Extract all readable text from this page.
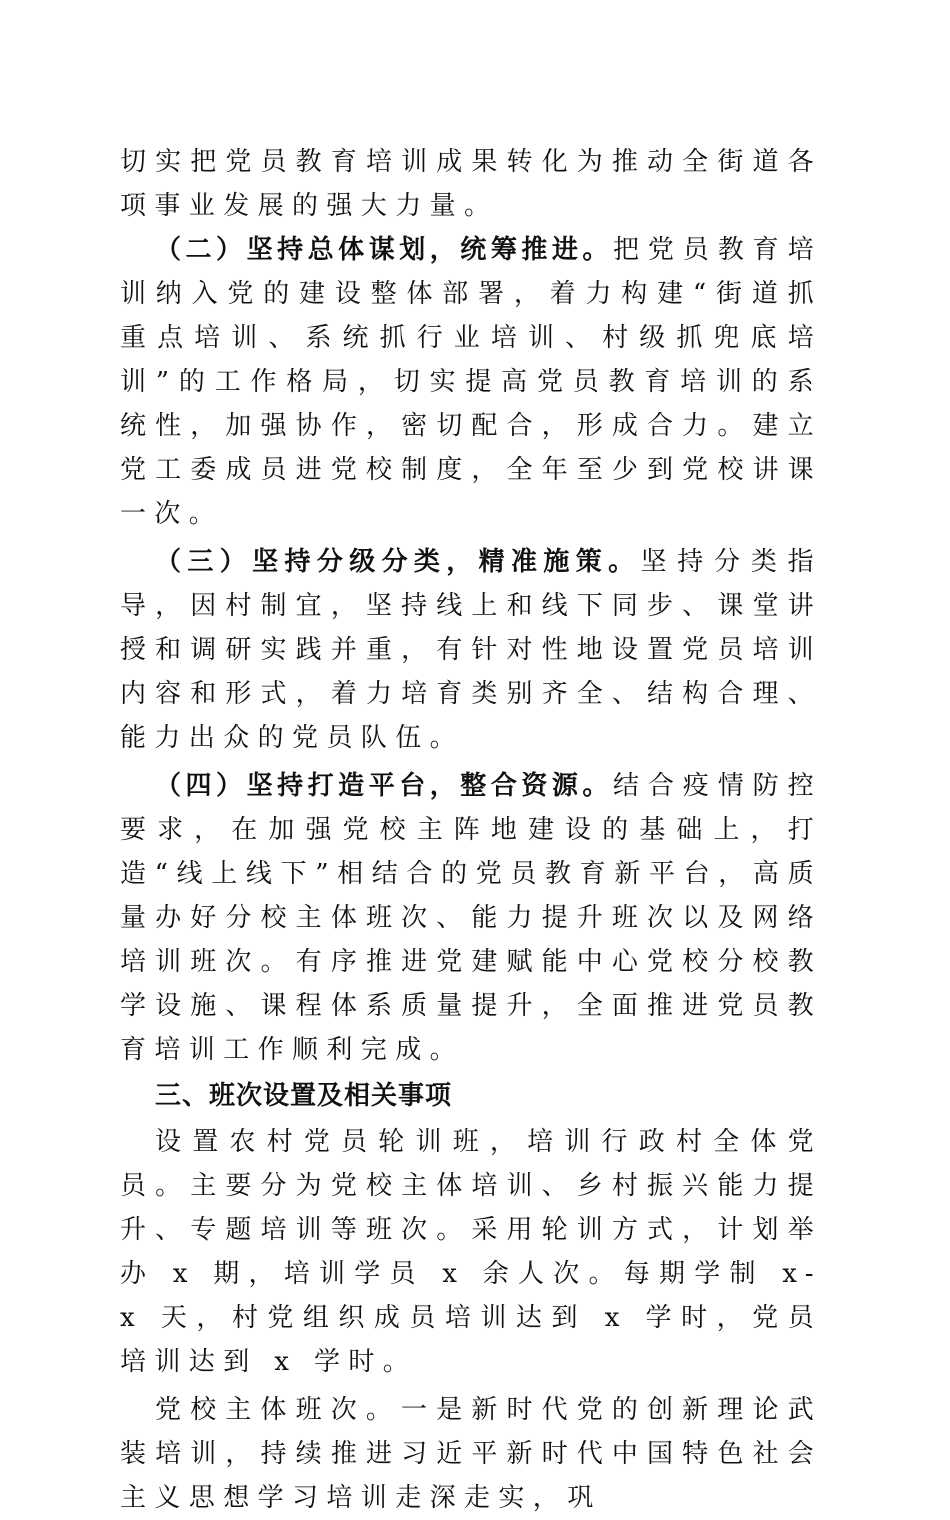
切实把党员教育培训成果转化为推动全街道各项事业发展的强大力量。

（二）坚持总体谋划，统筹推进。把党员教育培训纳入党的建设整体部署，着力构建“街道抓重点培训、系统抓行业培训、村级抓兜底培训”的工作格局，切实提高党员教育培训的系统性，加强协作，密切配合，形成合力。建立党工委成员进党校制度，全年至少到党校讲课一次。

（三）坚持分级分类，精准施策。坚持分类指导，因村制宜，坚持线上和线下同步、课堂讲授和调研实践并重，有针对性地设置党员培训内容和形式，着力培育类别齐全、结构合理、能力出众的党员队伍。

（四）坚持打造平台，整合资源。结合疫情防控要求，在加强党校主阵地建设的基础上，打造“线上线下”相结合的党员教育新平台，高质量办好分校主体班次、能力提升班次以及网络培训班次。有序推进党建赋能中心党校分校教学设施、课程体系质量提升，全面推进党员教育培训工作顺利完成。

三、班次设置及相关事项

设置农村党员轮训班，培训行政村全体党员。主要分为党校主体培训、乡村振兴能力提升、专题培训等班次。采用轮训方式，计划举办 x 期，培训学员 x 余人次。每期学制 x-x 天，村党组织成员培训达到 x 学时，党员培训达到 x 学时。

党校主体班次。一是新时代党的创新理论武装培训，持续推进习近平新时代中国特色社会主义思想学习培训走深走实，巩
